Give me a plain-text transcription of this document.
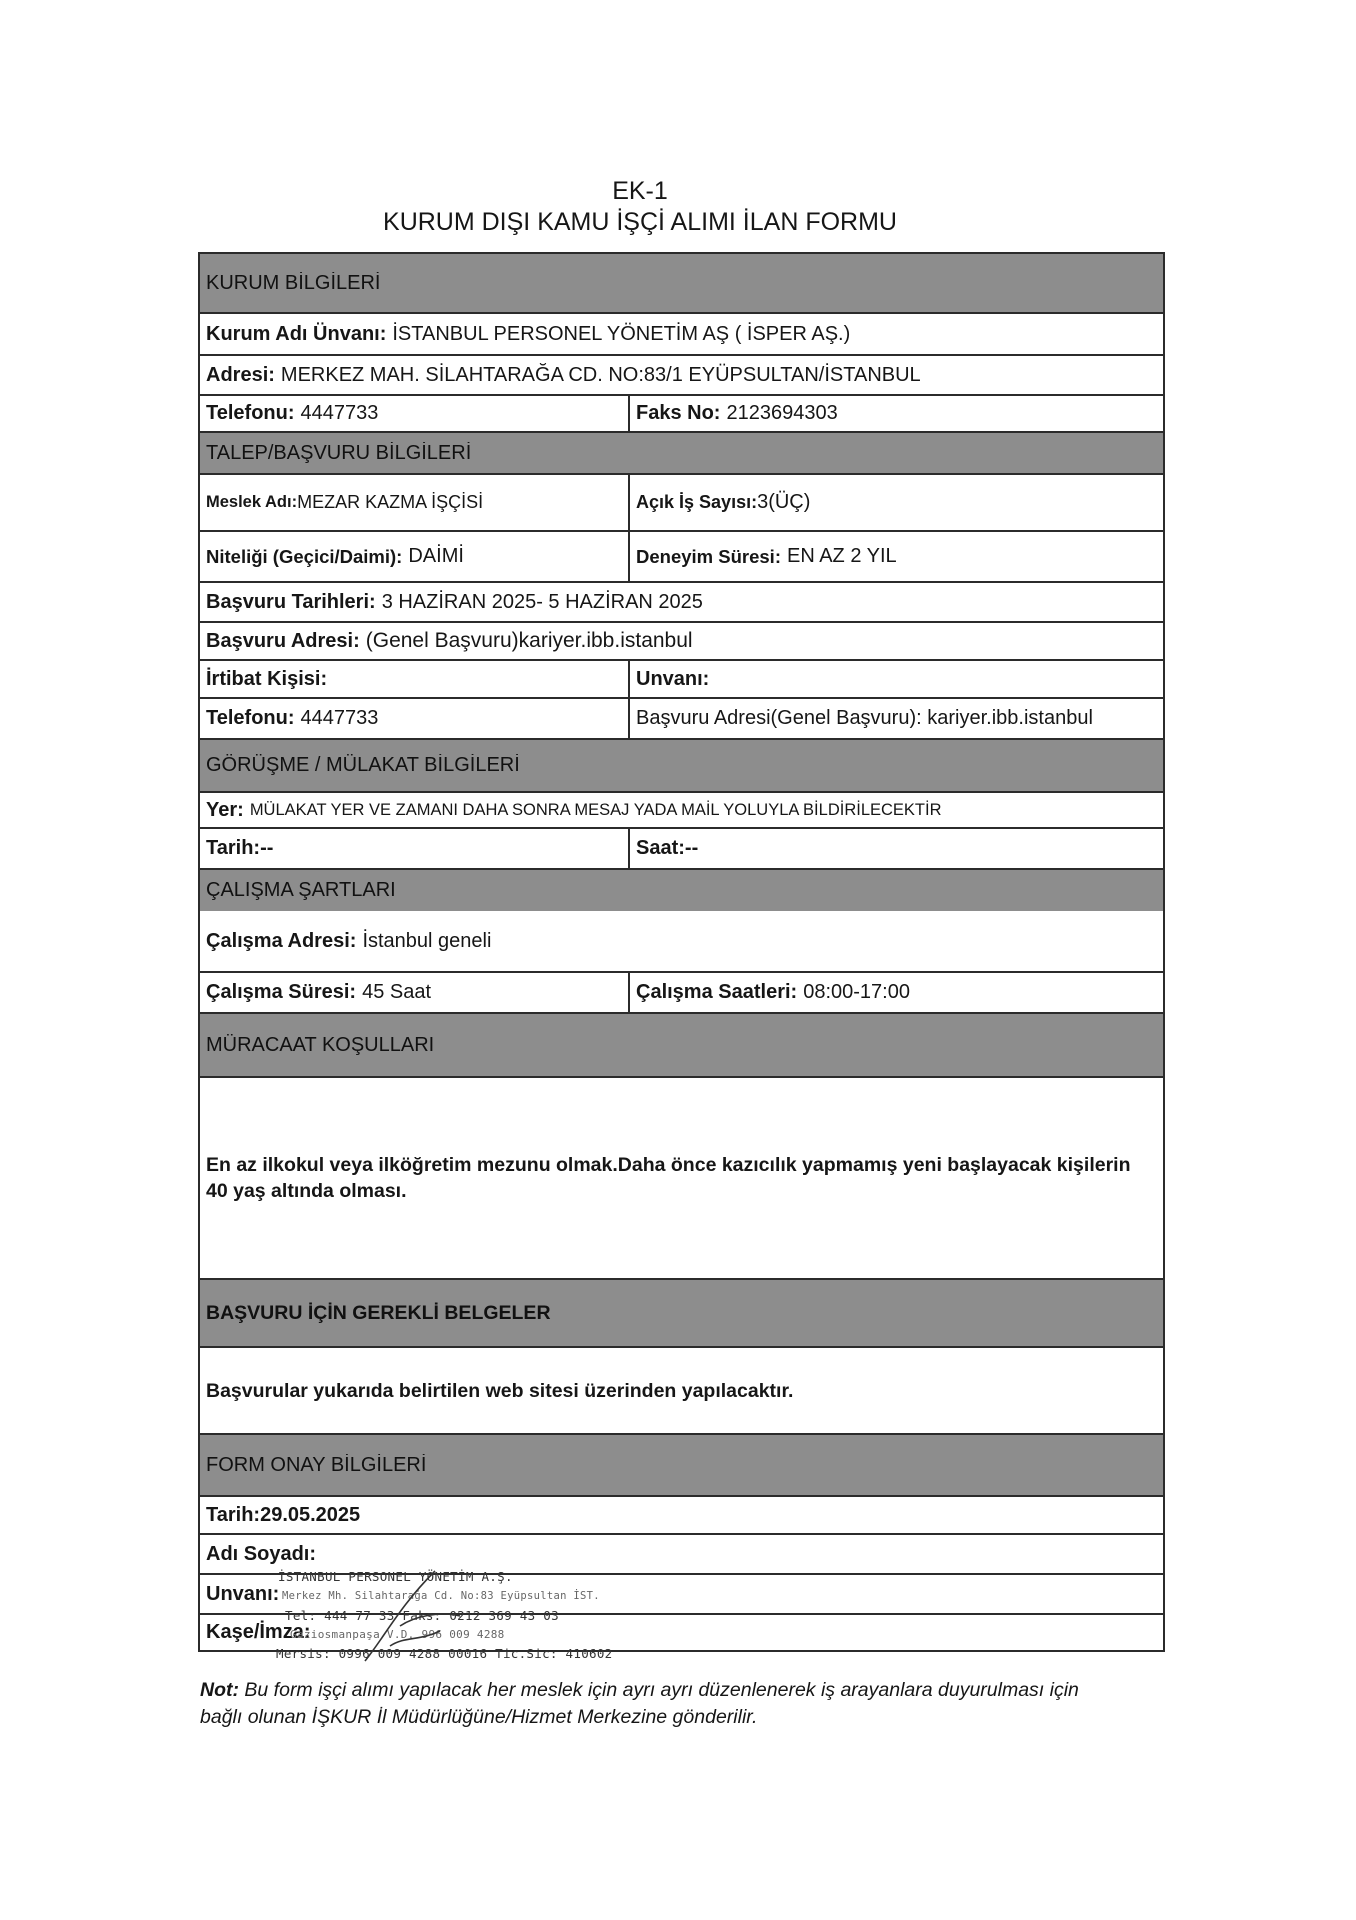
EK-1
KURUM DIŞI KAMU İŞÇİ ALIMI İLAN FORMU
KURUM BİLGİLERİ
Kurum Adı Ünvanı: İSTANBUL PERSONEL YÖNETİM AŞ ( İSPER AŞ.)
Adresi: MERKEZ MAH. SİLAHTARAĞA CD. NO:83/1 EYÜPSULTAN/İSTANBUL
Telefonu: 4447733	Faks No: 2123694303
TALEP/BAŞVURU BİLGİLERİ
Meslek Adı: MEZAR KAZMA İŞÇİSİ	Açık İş Sayısı: 3(ÜÇ)
Niteliği (Geçici/Daimi): DAİMİ	Deneyim Süresi: EN AZ 2 YIL
Başvuru Tarihleri: 3 HAZİRAN 2025- 5 HAZİRAN 2025
Başvuru Adresi: (Genel Başvuru)kariyer.ibb.istanbul
İrtibat Kişisi:	Unvanı:
Telefonu: 4447733	Başvuru Adresi(Genel Başvuru): kariyer.ibb.istanbul
GÖRÜŞME / MÜLAKAT BİLGİLERİ
Yer: MÜLAKAT YER VE ZAMANI DAHA SONRA MESAJ YADA MAİL YOLUYLA BİLDİRİLECEKTİR
Tarih:--	Saat:--
ÇALIŞMA ŞARTLARI
Çalışma Adresi: İstanbul geneli
Çalışma Süresi: 45 Saat	Çalışma Saatleri: 08:00-17:00
MÜRACAAT KOŞULLARI
En az ilkokul veya ilköğretim mezunu olmak.Daha önce kazıcılık yapmamış yeni başlayacak kişilerin 40 yaş altında olması.
BAŞVURU İÇİN GEREKLİ BELGELER
Başvurular yukarıda belirtilen web sitesi üzerinden yapılacaktır.
FORM ONAY BİLGİLERİ
Tarih:29.05.2025
Adı Soyadı:
Unvanı:
Kaşe/İmza:
İSTANBUL PERSONEL YÖNETİM A.Ş.
Merkez Mh. Silahtarağa Cd. No:83 Eyüpsultan İST.
Tel: 444 77 33 Faks: 0212 369 43 03
Gaziosmanpaşa V.D. 996 009 4288
Mersis: 0996 009 4288 00016 Tic.Sic: 410602
Not: Bu form işçi alımı yapılacak her meslek için ayrı ayrı düzenlenerek iş arayanlara duyurulması için bağlı olunan İŞKUR İl Müdürlüğüne/Hizmet Merkezine gönderilir.
